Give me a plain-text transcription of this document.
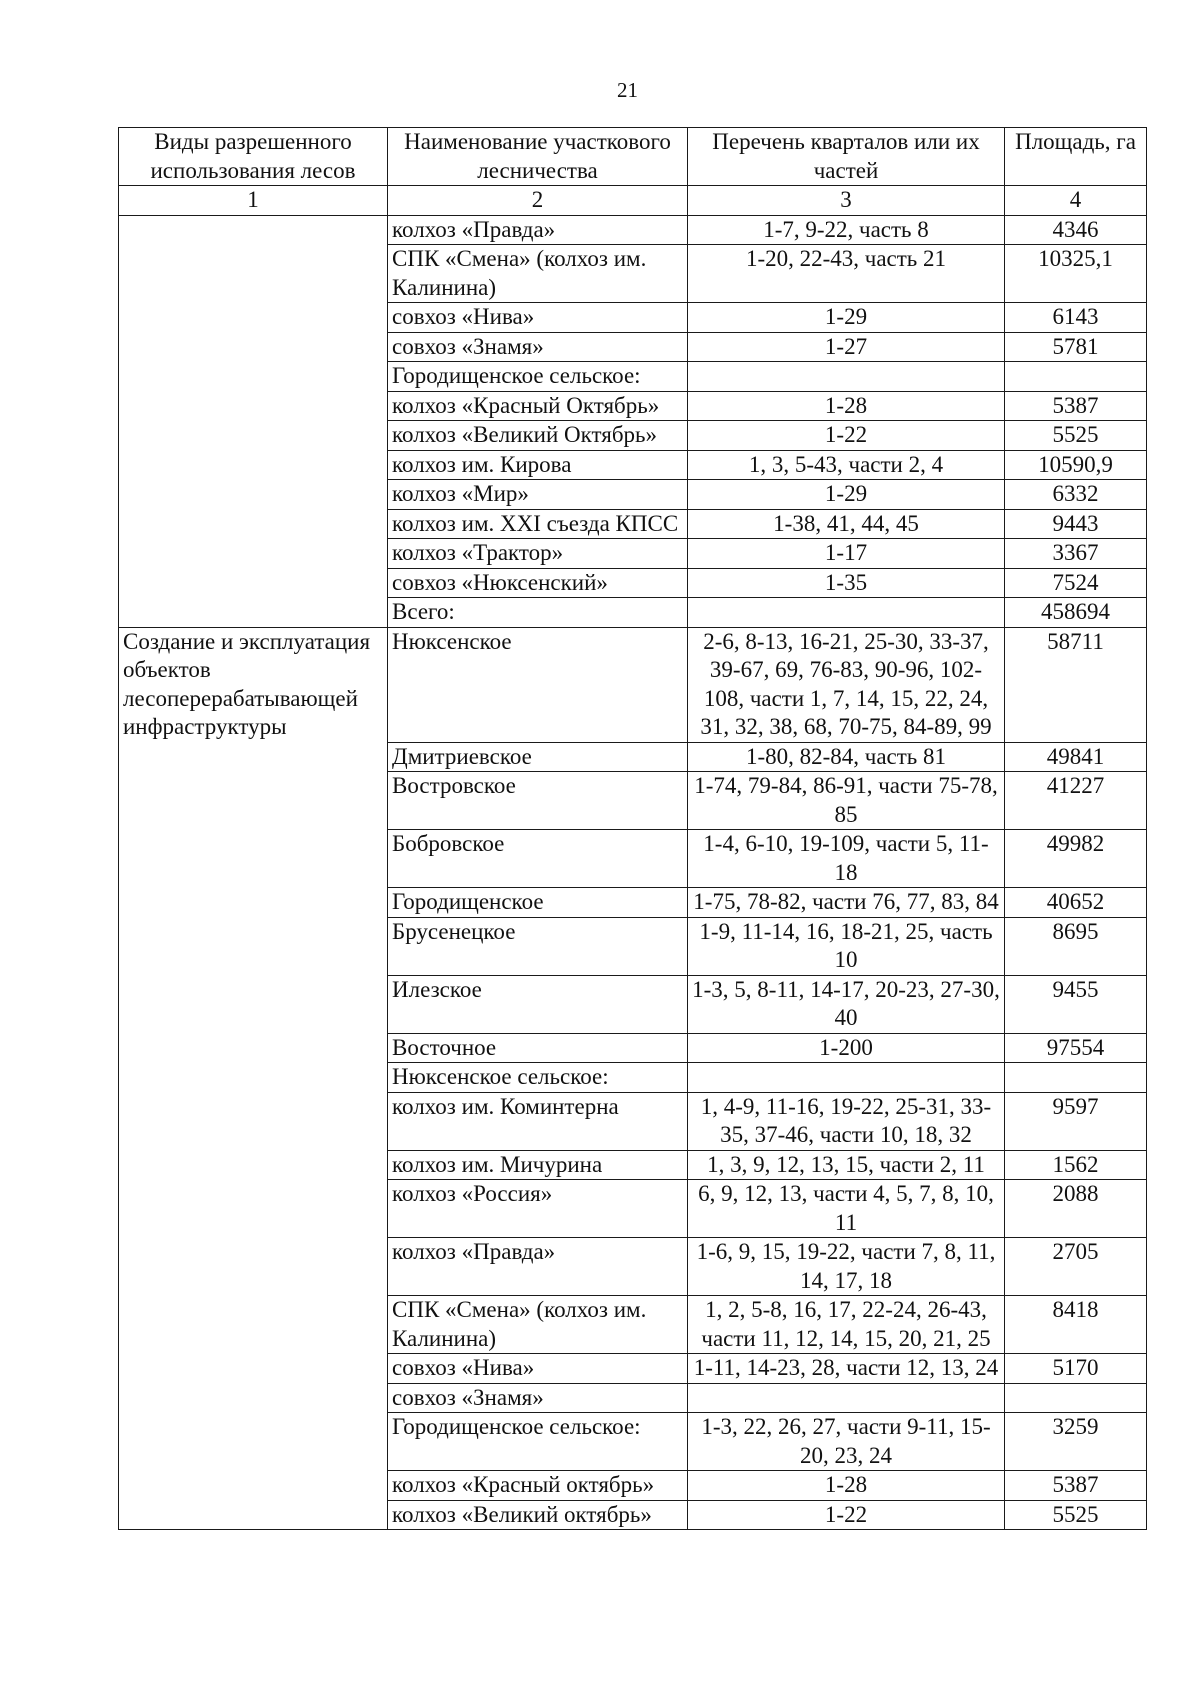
21
Виды разрешенного использования лесов	Наименование участкового лесничества	Перечень кварталов или их частей	Площадь, га
1	2	3	4
	колхоз «Правда»	1-7, 9-22, часть 8	4346
	СПК «Смена» (колхоз им. Калинина)	1-20, 22-43, часть 21	10325,1
	совхоз «Нива»	1-29	6143
	совхоз «Знамя»	1-27	5781
	Городищенское сельское:		
	колхоз «Красный Октябрь»	1-28	5387
	колхоз «Великий Октябрь»	1-22	5525
	колхоз им. Кирова	1, 3, 5-43, части 2, 4	10590,9
	колхоз «Мир»	1-29	6332
	колхоз им. XXI съезда КПСС	1-38, 41, 44, 45	9443
	колхоз «Трактор»	1-17	3367
	совхоз «Нюксенский»	1-35	7524
	Всего:		458694
Создание и эксплуатация объектов лесоперерабатывающей инфраструктуры	Нюксенское	2-6, 8-13, 16-21, 25-30, 33-37, 39-67, 69, 76-83, 90-96, 102-108, части 1, 7, 14, 15, 22, 24, 31, 32, 38, 68, 70-75, 84-89, 99	58711
	Дмитриевское	1-80, 82-84, часть 81	49841
	Востровское	1-74, 79-84, 86-91, части 75-78, 85	41227
	Бобровское	1-4, 6-10, 19-109, части 5, 11-18	49982
	Городищенское	1-75, 78-82, части 76, 77, 83, 84	40652
	Брусенецкое	1-9, 11-14, 16, 18-21, 25, часть 10	8695
	Илезское	1-3, 5, 8-11, 14-17, 20-23, 27-30, 40	9455
	Восточное	1-200	97554
	Нюксенское сельское:		
	колхоз им. Коминтерна	1, 4-9, 11-16, 19-22, 25-31, 33-35, 37-46, части 10, 18, 32	9597
	колхоз им. Мичурина	1, 3, 9, 12, 13, 15, части 2, 11	1562
	колхоз «Россия»	6, 9, 12, 13, части 4, 5, 7, 8, 10, 11	2088
	колхоз «Правда»	1-6, 9, 15, 19-22, части 7, 8, 11, 14, 17, 18	2705
	СПК «Смена» (колхоз им. Калинина)	1, 2, 5-8, 16, 17, 22-24, 26-43, части 11, 12, 14, 15, 20, 21, 25	8418
	совхоз «Нива»	1-11, 14-23, 28, части 12, 13, 24	5170
	совхоз «Знамя»		
	Городищенское сельское:	1-3, 22, 26, 27, части 9-11, 15-20, 23, 24	3259
	колхоз «Красный октябрь»	1-28	5387
	колхоз «Великий октябрь»	1-22	5525
